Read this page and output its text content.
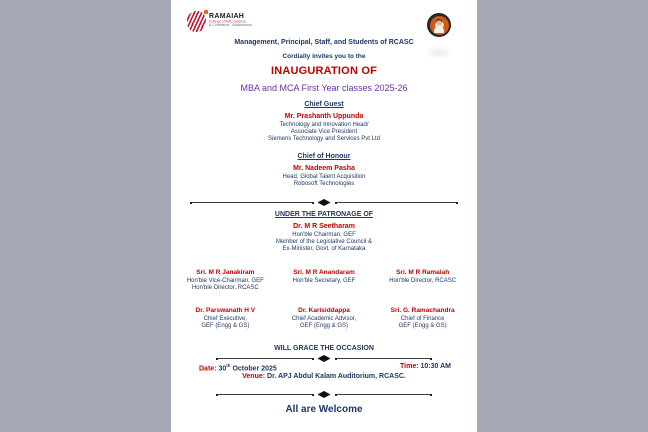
RAMAIAH
College of Arts, Science
& Commerce - Autonomous
Management, Principal, Staff, and Students of RCASC
Cordially invites you to the
INAUGURATION OF
MBA and MCA First Year classes 2025-26
Chief Guest
Mr. Prashanth Uppunda
Technology and Innovation Head/
Associate Vice President
Siemens Technology and Services Pvt Ltd
Chief of Honour
Mr. Nadeem Pasha
Head, Global Talent Acquisition
Robosoft Technologies
UNDER THE PATRONAGE OF
Dr. M R Seetharam
Hon'ble Chairman, GEF
Member of the Legislative Council &
Ex-Minister, Govt. of Karnataka
Sri. M R Janakiram
Hon'ble Vice-Chairman, GEF
Hon'ble Director, RCASC
Sri. M R Anandaram
Hon'ble Secretary, GEF
Sri. M R Ramaiah
Hon'ble Director, RCASC
Dr. Parswanath H V
Chief Executive,
GEF (Engg & GS)
Dr. Karisiddappa
Chief Academic Advisor,
GEF (Engg & GS)
Sri. G. Ramachandra
Chief of Finance
GEF (Engg & GS)
WILL GRACE THE OCCASION
Date: 30th October 2025	Time: 10:30 AM
Venue: Dr. APJ Abdul Kalam Auditorium, RCASC.
All are Welcome
